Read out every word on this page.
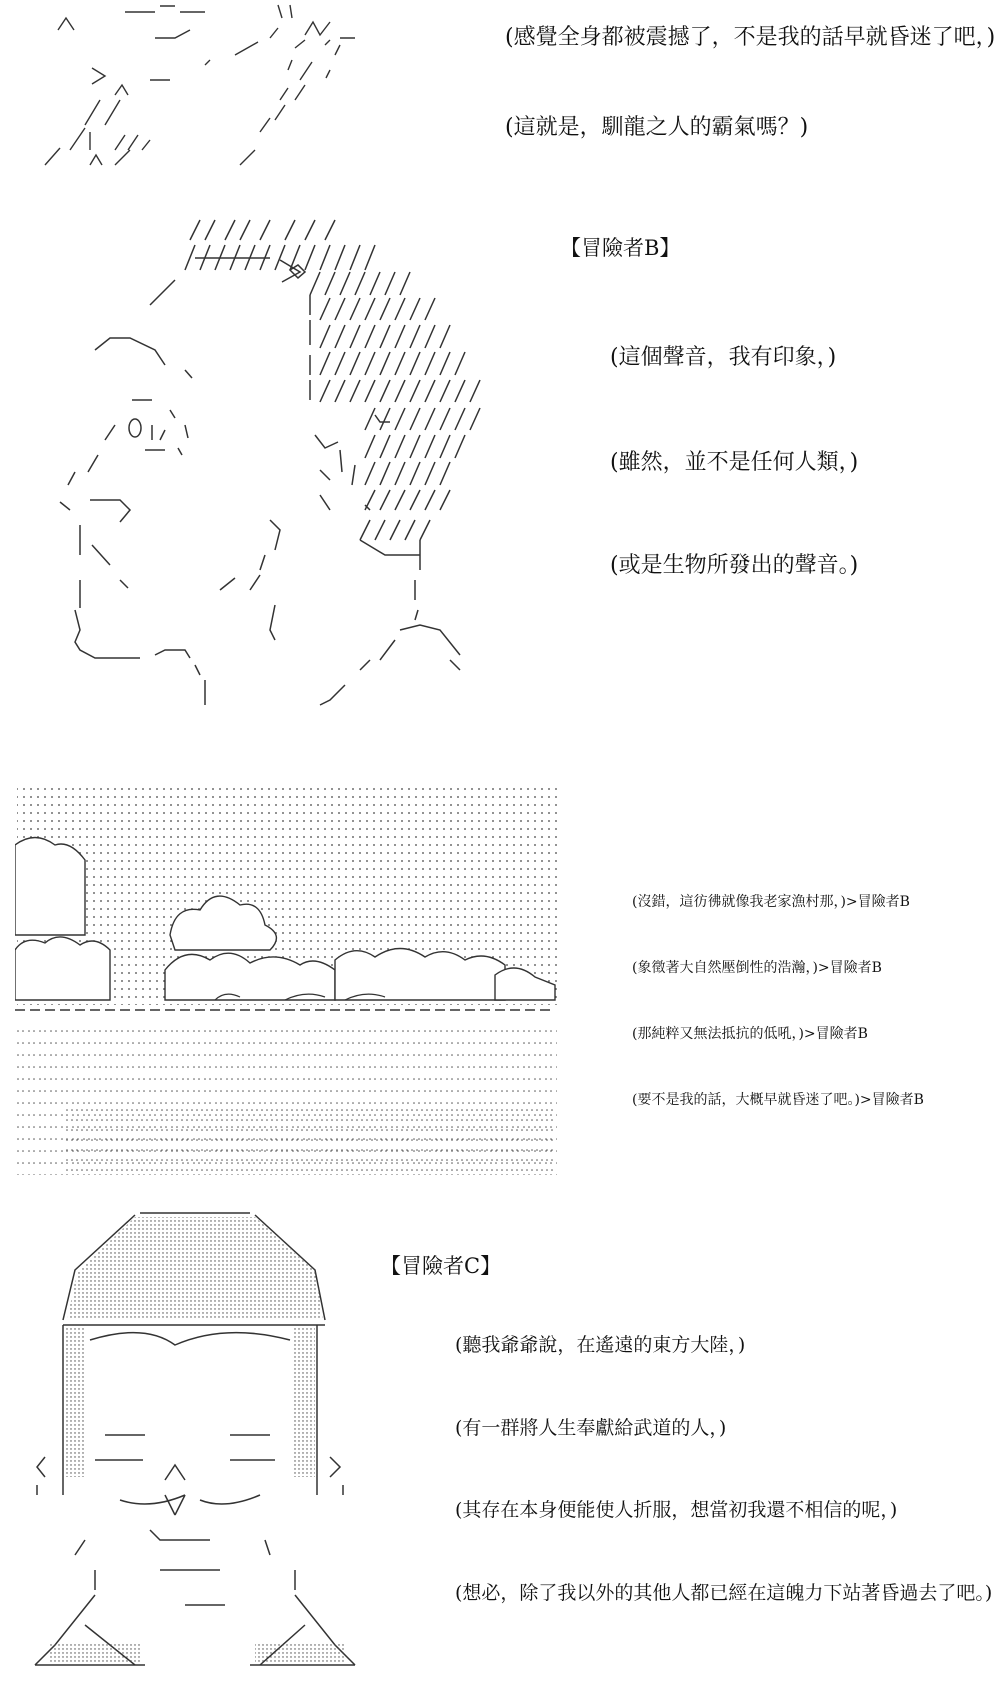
(感覺全身都被震撼了，不是我的話早就昏迷了吧，)
(這就是，馴龍之人的霸氣嗎？)
【冒險者B】
(這個聲音，我有印象，)
(雖然，並不是任何人類，)
(或是生物所發出的聲音。)
(沒錯，這彷彿就像我老家漁村那，)>冒險者B
(象徵著大自然壓倒性的浩瀚，)>冒險者B
(那純粹又無法抵抗的低吼，)>冒險者B
(要不是我的話，大概早就昏迷了吧。)>冒險者B
【冒險者C】
(聽我爺爺說，在遙遠的東方大陸，)
(有一群將人生奉獻給武道的人，)
(其存在本身便能使人折服，想當初我還不相信的呢，)
(想必，除了我以外的其他人都已經在這魄力下站著昏過去了吧。)
